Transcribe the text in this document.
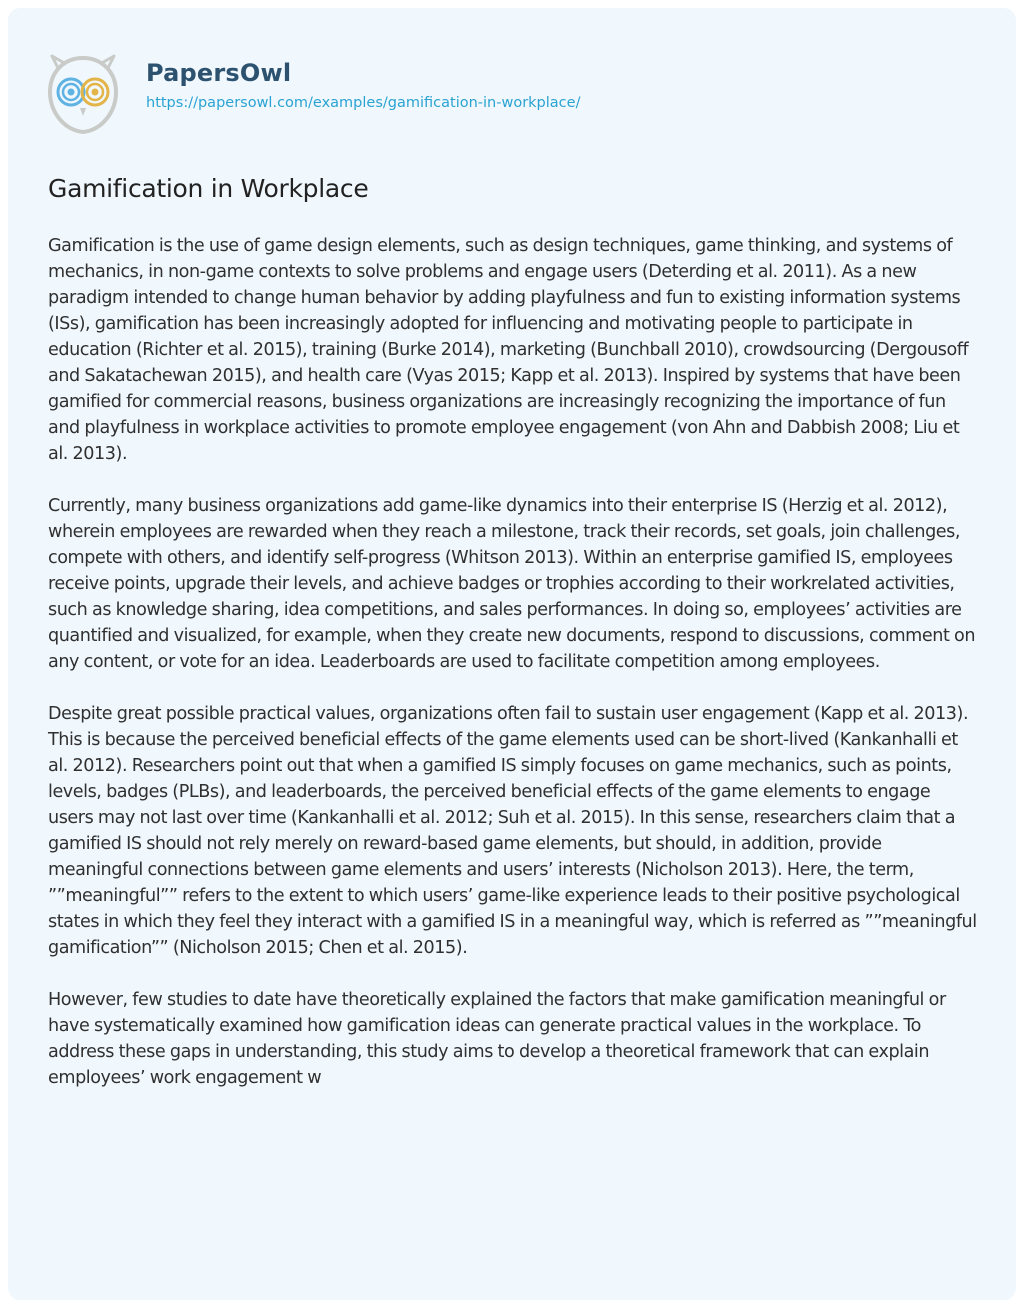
PapersOwl
https://papersowl.com/examples/gamification-in-workplace/
Gamification in Workplace

Gamification is the use of game design elements, such as design techniques, game thinking, and systems of mechanics, in non-game contexts to solve problems and engage users (Deterding et al. 2011). As a new paradigm intended to change human behavior by adding playfulness and fun to existing information systems (ISs), gamification has been increasingly adopted for influencing and motivating people to participate in education (Richter et al. 2015), training (Burke 2014), marketing (Bunchball 2010), crowdsourcing (Dergousoff and Sakatachewan 2015), and health care (Vyas 2015; Kapp et al. 2013). Inspired by systems that have been gamified for commercial reasons, business organizations are increasingly recognizing the importance of fun and playfulness in workplace activities to promote employee engagement (von Ahn and Dabbish 2008; Liu et al. 2013).

Currently, many business organizations add game-like dynamics into their enterprise IS (Herzig et al. 2012), wherein employees are rewarded when they reach a milestone, track their records, set goals, join challenges, compete with others, and identify self-progress (Whitson 2013). Within an enterprise gamified IS, employees receive points, upgrade their levels, and achieve badges or trophies according to their workrelated activities, such as knowledge sharing, idea competitions, and sales performances. In doing so, employees’ activities are quantified and visualized, for example, when they create new documents, respond to discussions, comment on any content, or vote for an idea. Leaderboards are used to facilitate competition among employees.

Despite great possible practical values, organizations often fail to sustain user engagement (Kapp et al. 2013). This is because the perceived beneficial effects of the game elements used can be short-lived (Kankanhalli et al. 2012). Researchers point out that when a gamified IS simply focuses on game mechanics, such as points, levels, badges (PLBs), and leaderboards, the perceived beneficial effects of the game elements to engage users may not last over time (Kankanhalli et al. 2012; Suh et al. 2015). In this sense, researchers claim that a gamified IS should not rely merely on reward-based game elements, but should, in addition, provide meaningful connections between game elements and users’ interests (Nicholson 2013). Here, the term, ””meaningful”” refers to the extent to which users’ game-like experience leads to their positive psychological states in which they feel they interact with a gamified IS in a meaningful way, which is referred as ””meaningful gamification”” (Nicholson 2015; Chen et al. 2015).

However, few studies to date have theoretically explained the factors that make gamification meaningful or have systematically examined how gamification ideas can generate practical values in the workplace. To address these gaps in understanding, this study aims to develop a theoretical framework that can explain employees’ work engagement w
